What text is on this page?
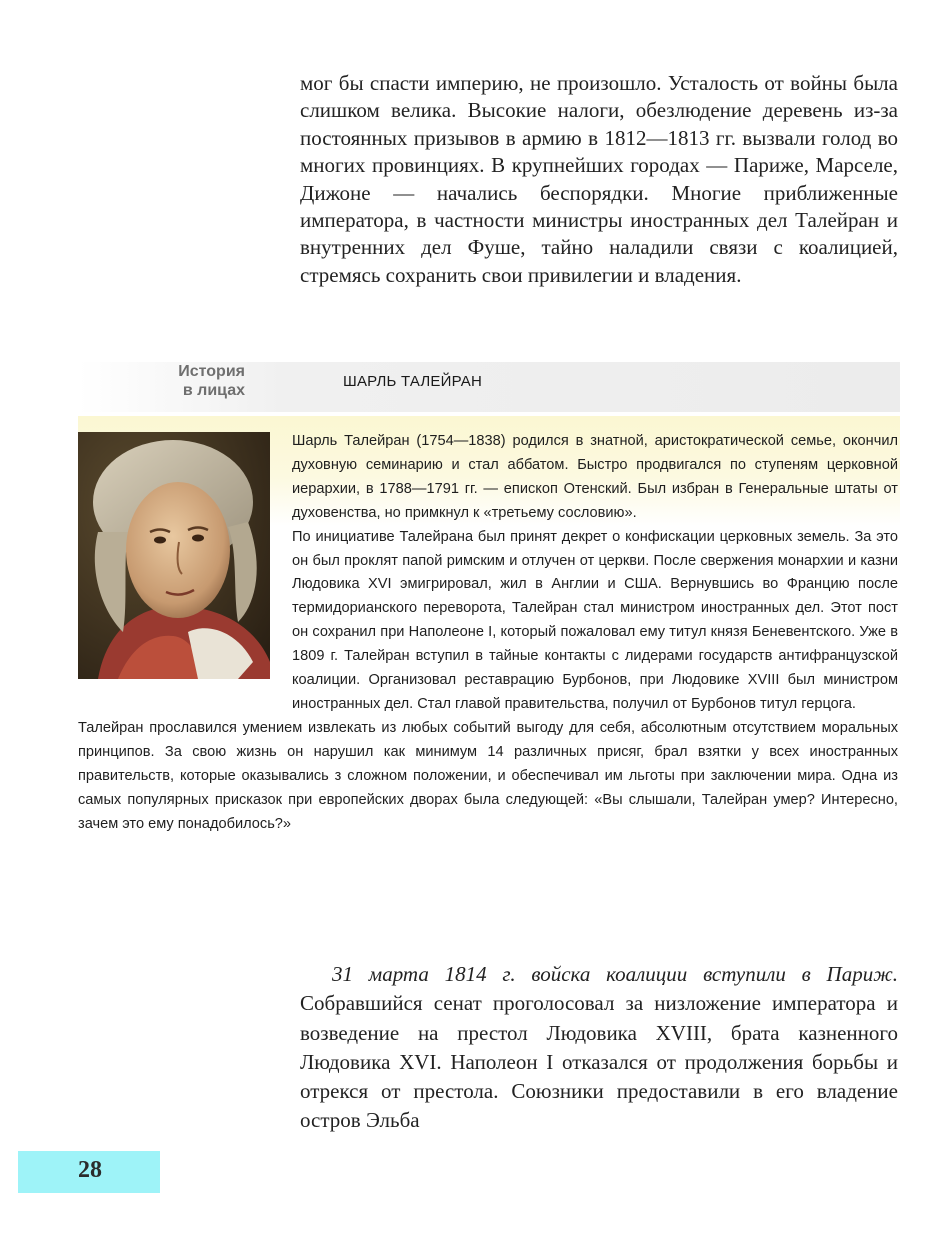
мог бы спасти империю, не произошло. Усталость от войны была слишком велика. Высокие налоги, обезлюдение деревень из-за постоянных призывов в армию в 1812—1813 гг. вызвали голод во многих провинциях. В крупнейших городах — Париже, Марселе, Дижоне — начались беспорядки. Многие приближенные императора, в частности министры иностранных дел Талейран и внутренних дел Фуше, тайно наладили связи с коалицией, стремясь сохранить свои привилегии и владения.

История
в лицах
ШАРЛЬ ТАЛЕЙРАН

Шарль Талейран (1754—1838) родился в знатной, аристократической семье, окончил духовную семинарию и стал аббатом. Быстро продвигался по ступеням церковной иерархии, в 1788—1791 гг. — епископ Отенский. Был избран в Генеральные штаты от духовенства, но примкнул к «третьему сословию».

По инициативе Талейрана был принят декрет о конфискации церковных земель. За это он был проклят папой римским и отлучен от церкви. После свержения монархии и казни Людовика XVI эмигрировал, жил в Англии и США. Вернувшись во Францию после термидорианского переворота, Талейран стал министром иностранных дел. Этот пост он сохранил при Наполеоне I, который пожаловал ему титул князя Беневентского. Уже в 1809 г. Талейран вступил в тайные контакты с лидерами государств антифранцузской коалиции. Организовал реставрацию Бурбонов, при Людовике XVIII был министром иностранных дел. Стал главой правительства, получил от Бурбонов титул герцога.

Талейран прославился умением извлекать из любых событий выгоду для себя, абсолютным отсутствием моральных принципов. За свою жизнь он нарушил как минимум 14 различных присяг, брал взятки у всех иностранных правительств, которые оказывались з сложном положении, и обеспечивал им льготы при заключении мира. Одна из самых популярных присказок при европейских дворах была следующей: «Вы слышали, Талейран умер? Интересно, зачем это ему понадобилось?»

31 марта 1814 г. войска коалиции вступили в Париж. Собравшийся сенат проголосовал за низложение императора и возведение на престол Людовика XVIII, брата казненного Людовика XVI. Наполеон I отказался от продолжения борьбы и отрекся от престола. Союзники предоставили в его владение остров Эльба

28
